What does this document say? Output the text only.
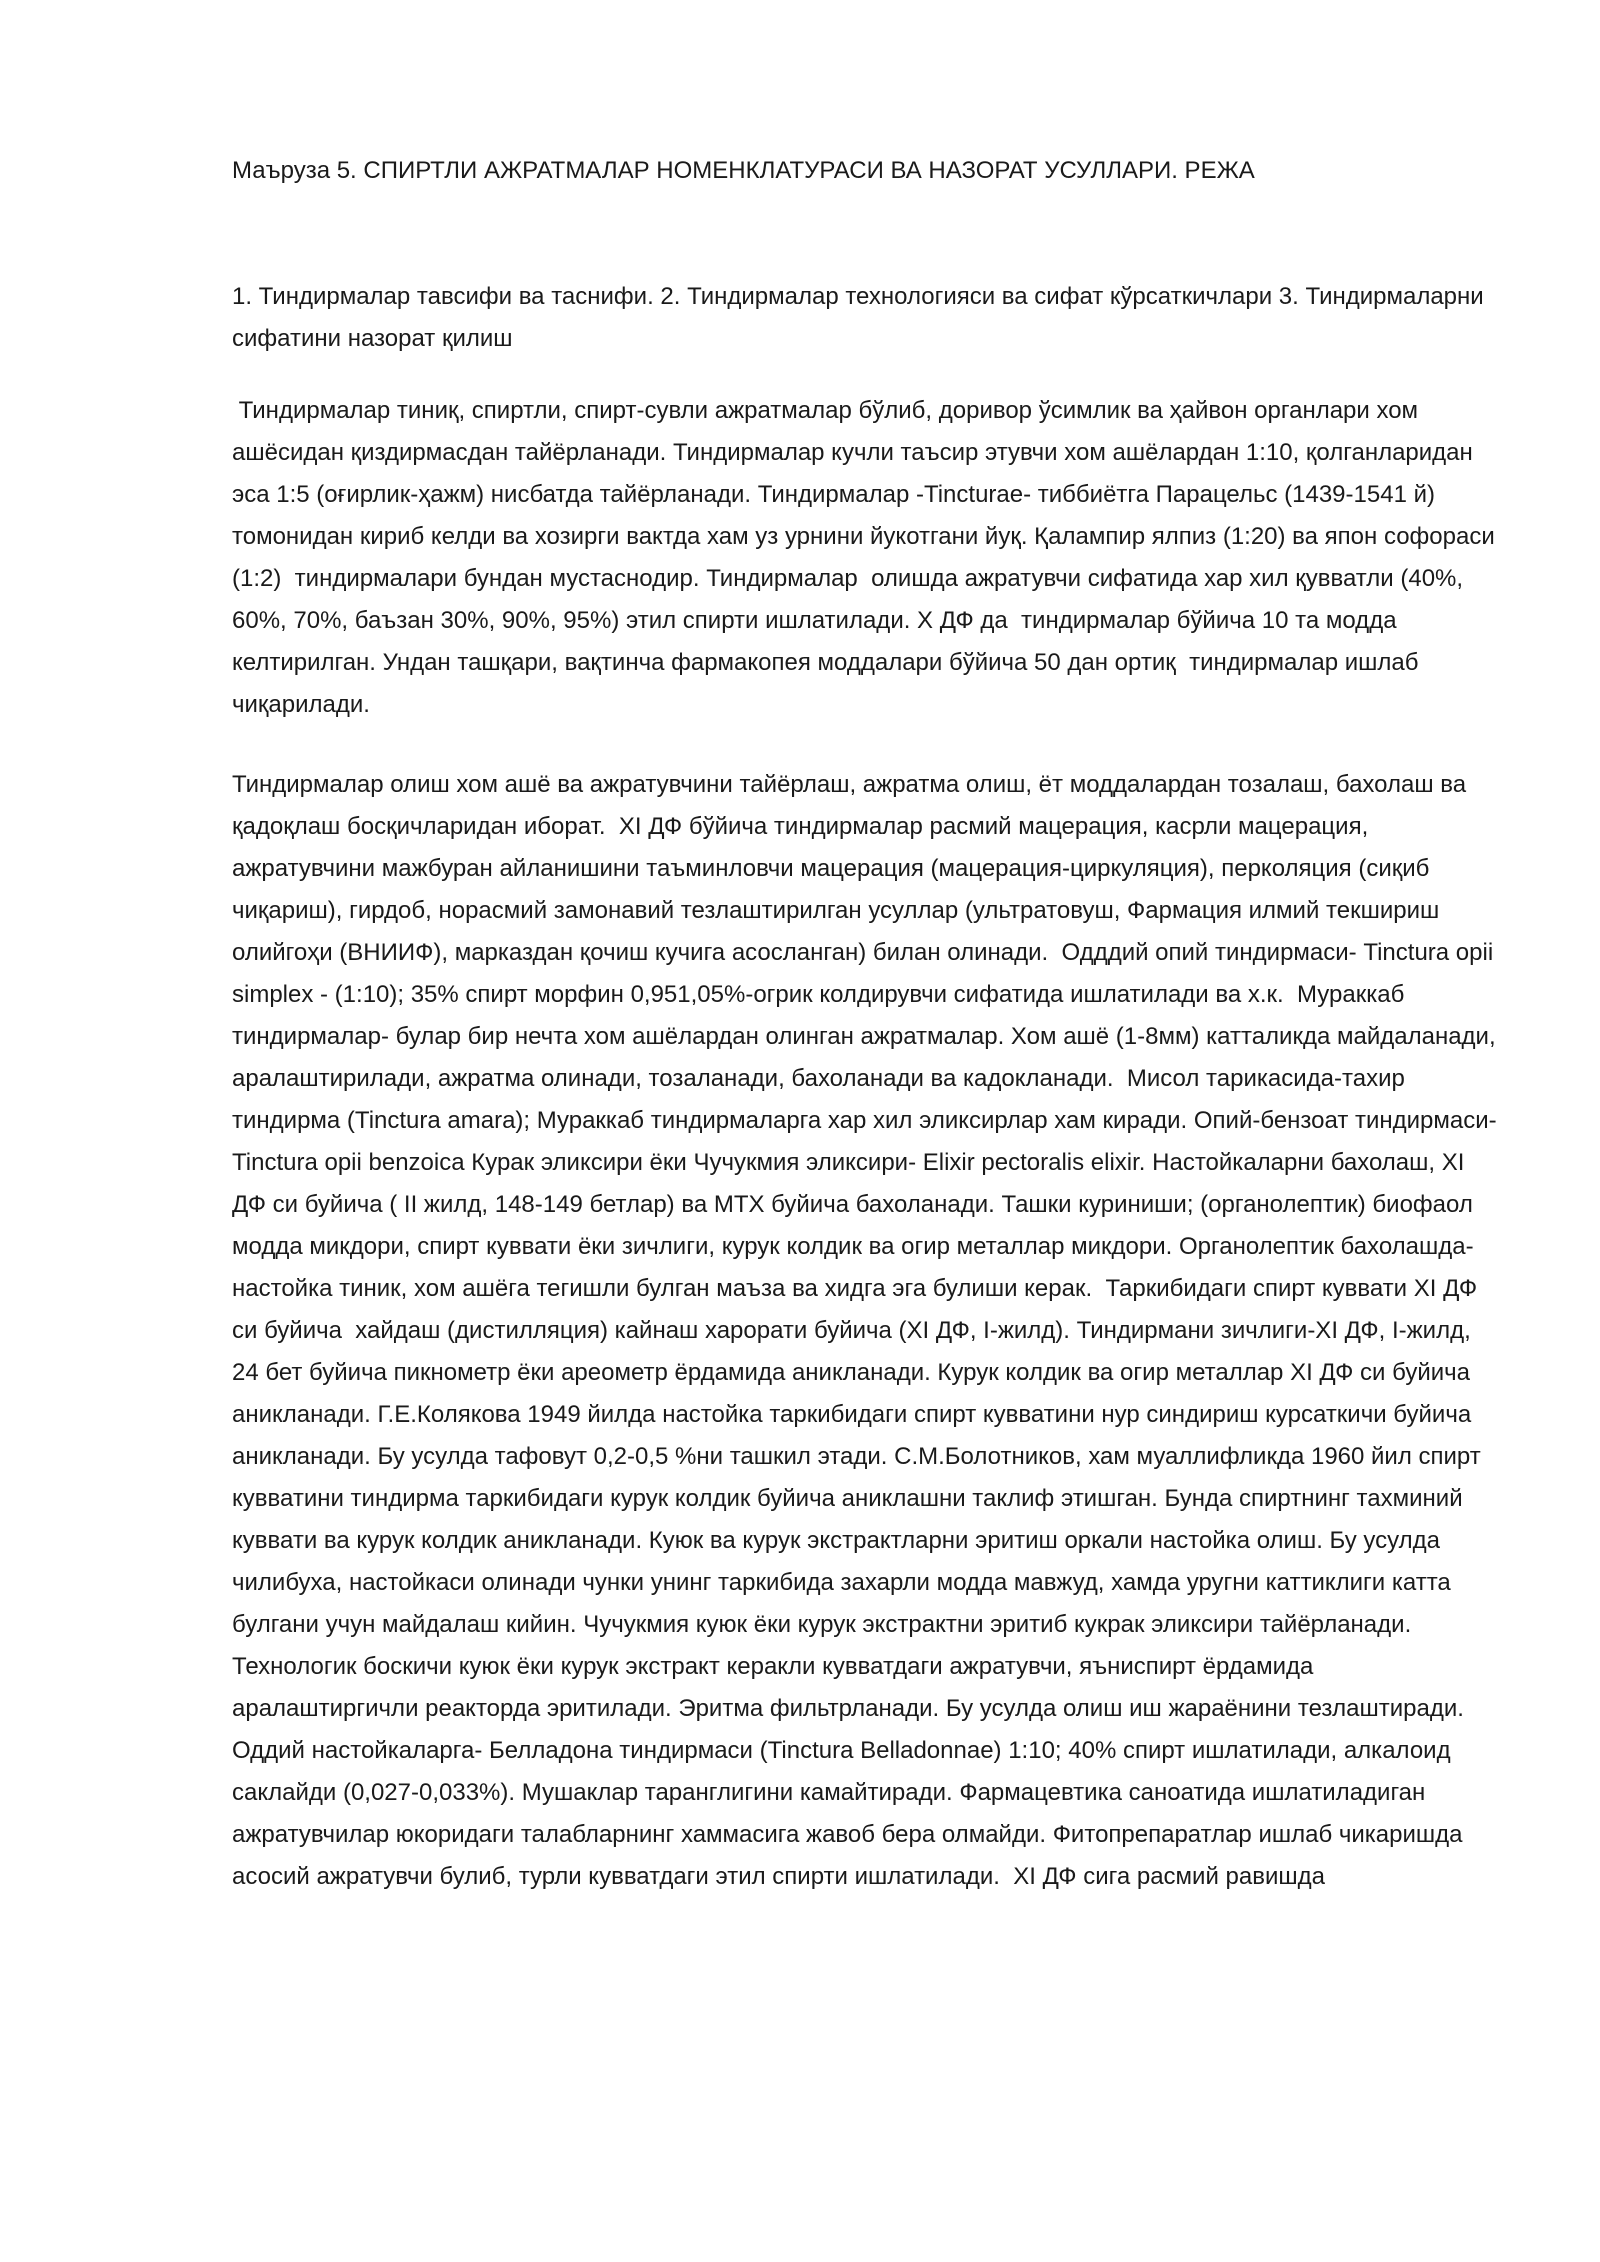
Маъруза 5. СПИРТЛИ АЖРАТМАЛАР НОМЕНКЛАТУРАСИ ВА НАЗОРАТ УСУЛЛАРИ. РЕЖА

1. Тиндирмалар тавсифи ва таснифи. 2. Тиндирмалар технологияси ва сифат кўрсаткичлари 3. Тиндирмаларни сифатини назорат қилиш

Тиндирмалар тиниқ, спиртли, спирт-сувли ажратмалар бўлиб, доривор ўсимлик ва ҳайвон органлари хом ашёсидан қиздирмасдан тайёрланади. Тиндирмалар кучли таъсир этувчи хом ашёлардан 1:10, қолганларидан эса 1:5 (оғирлик-ҳажм) нисбатда тайёрланади. Тиндирмалар -Tincturae- тиббиётга Парацельс (1439-1541 й) томонидан кириб келди ва хозирги вактда хам уз урнини йукотгани йуқ. Қалампир ялпиз (1:20) ва япон софораси (1:2)  тиндирмалари бундан мустаснодир. Тиндирмалар  олишда ажратувчи сифатида хар хил қувватли (40%, 60%, 70%, баъзан 30%, 90%, 95%) этил спирти ишлатилади. Х ДФ да  тиндирмалар бўйича 10 та модда келтирилган. Ундан ташқари, вақтинча фармакопея моддалари бўйича 50 дан ортиқ  тиндирмалар ишлаб чиқарилади.

Тиндирмалар олиш хом ашё ва ажратувчини тайёрлаш, ажратма олиш, ёт моддалардан тозалаш, бахолаш ва қадоқлаш босқичларидан иборат.  ХI ДФ бўйича тиндирмалар расмий мацерация, касрли мацерация, ажратувчини мажбуран айланишини таъминловчи мацерация (мацерация-циркуляция), перколяция (сиқиб чиқариш), гирдоб, норасмий замонавий тезлаштирилган усуллар (ультратовуш, Фармация илмий текшириш олийгоҳи (ВНИИФ), марказдан қочиш кучига асосланган) билан олинади.  Одддий опий тиндирмаси- Tinctura opii simplex - (1:10); 35% спирт морфин 0,951,05%-огрик колдирувчи сифатида ишлатилади ва х.к.  Мураккаб тиндирмалар- булар бир нечта хом ашёлардан олинган ажратмалар. Хом ашё (1-8мм) катталикда майдаланади, аралаштирилади, ажратма олинади, тозаланади, бахоланади ва кадокланади.  Мисол тарикасида-тахир тиндирма (Tinctura amara); Мураккаб тиндирмаларга хар хил эликсирлар хам киради. Опий-бензоат тиндирмаси- Tinctura opii benzoica Курак эликсири ёки Чучукмия эликсири- Elixir pectoralis elixir. Настойкаларни бахолаш, ХI ДФ си буйича ( II жилд, 148-149 бетлар) ва МТХ буйича бахоланади. Ташки куриниши; (органолептик) биофаол модда микдори, спирт куввати ёки зичлиги, курук колдик ва огир металлар микдори. Органолептик бахолашда- настойка тиник, хом ашёга тегишли булган маъза ва хидга эга булиши керак.  Таркибидаги спирт куввати ХI ДФ си буйича  хайдаш (дистилляция) кайнаш харорати буйича (ХI ДФ, I-жилд). Тиндирмани зичлиги-ХI ДФ, I-жилд, 24 бет буйича пикнометр ёки ареометр ёрдамида аникланади. Курук колдик ва огир металлар ХI ДФ си буйича аникланади. Г.Е.Колякова 1949 йилда настойка таркибидаги спирт кувватини нур синдириш курсаткичи буйича аникланади. Бу усулда тафовут 0,2-0,5 %ни ташкил этади. С.М.Болотников, хам муаллифликда 1960 йил спирт кувватини тиндирма таркибидаги курук колдик буйича аниклашни таклиф этишган. Бунда спиртнинг тахминий куввати ва курук колдик аникланади. Куюк ва курук экстрактларни эритиш оркали настойка олиш. Бу усулда чилибуха, настойкаси олинади чунки унинг таркибида захарли модда мавжуд, хамда уругни каттиклиги катта булгани учун майдалаш кийин. Чучукмия куюк ёки курук экстрактни эритиб кукрак эликсири тайёрланади. Технологик боскичи куюк ёки курук экстракт керакли кувватдаги ажратувчи, яъниспирт ёрдамида аралаштиргичли реакторда эритилади. Эритма фильтрланади. Бу усулда олиш иш жараёнини тезлаштиради. Оддий настойкаларга- Белладона тиндирмаси (Tinctura Belladonnae) 1:10; 40% спирт ишлатилади, алкалоид саклайди (0,027-0,033%). Мушаклар таранглигини камайтиради. Фармацевтика саноатида ишлатиладиган ажратувчилар юкоридаги талабларнинг хаммасига жавоб бера олмайди. Фитопрепаратлар ишлаб чикаришда асосий ажратувчи булиб, турли кувватдаги этил спирти ишлатилади.  ХI ДФ сига расмий равишда
